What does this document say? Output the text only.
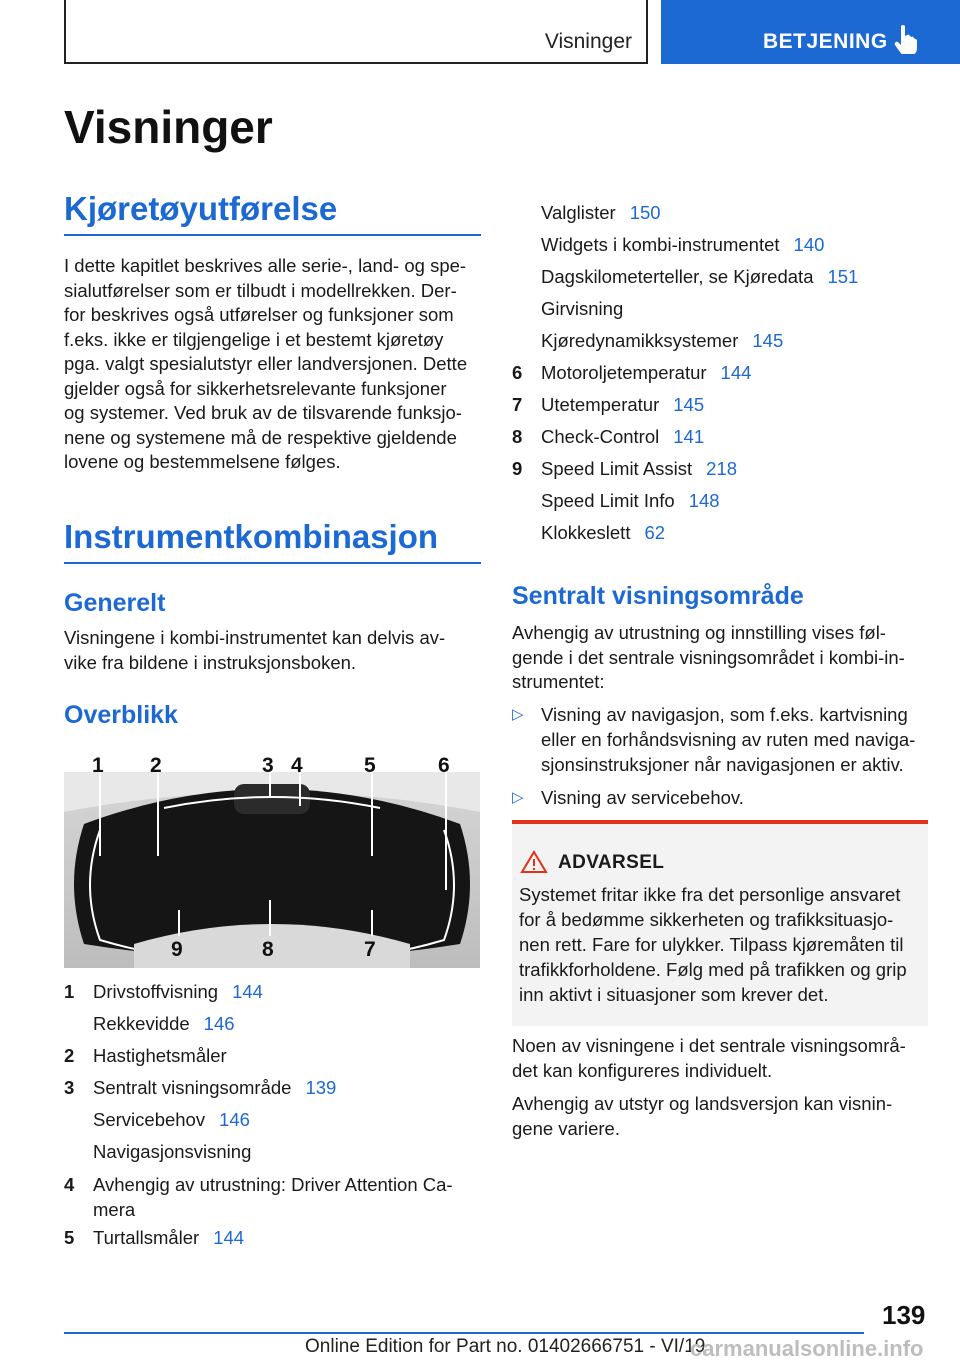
Visninger	BETJENING
Visninger
Kjøretøyutførelse
I dette kapitlet beskrives alle serie-, land- og spe-
sialutførelser som er tilbudt i modellrekken. Der-
for beskrives også utførelser og funksjoner som
f.eks. ikke er tilgjengelige i et bestemt kjøretøy
pga. valgt spesialutstyr eller landversjonen. Dette
gjelder også for sikkerhetsrelevante funksjoner
og systemer. Ved bruk av de tilsvarende funksjo-
nene og systemene må de respektive gjeldende
lovene og bestemmelsene følges.
Instrumentkombinasjon
Generelt
Visningene i kombi-instrumentet kan delvis av-
vike fra bildene i instruksjonsboken.
Overblikk
1 2	3 4	5	6
9	8	7
1 Drivstoffvisning 144
Rekkevidde 146
2 Hastighetsmåler
3 Sentralt visningsområde 139
Servicebehov 146
Navigasjonsvisning
4 Avhengig av utrustning: Driver Attention Ca-
mera
5 Turtallsmåler 144
Valglister 150
Widgets i kombi-instrumentet 140
Dagskilometerteller, se Kjøredata 151
Girvisning
Kjøredynamikksystemer 145
6 Motoroljetemperatur 144
7 Utetemperatur 145
8 Check-Control 141
9 Speed Limit Assist 218
Speed Limit Info 148
Klokkeslett 62
Sentralt visningsområde
Avhengig av utrustning og innstilling vises føl-
gende i det sentrale visningsområdet i kombi-in-
strumentet:
▷ Visning av navigasjon, som f.eks. kartvisning
eller en forhåndsvisning av ruten med naviga-
sjonsinstruksjoner når navigasjonen er aktiv.
▷ Visning av servicebehov.
ADVARSEL
Systemet fritar ikke fra det personlige ansvaret
for å bedømme sikkerheten og trafikksituasjo-
nen rett. Fare for ulykker. Tilpass kjøremåten til
trafikkforholdene. Følg med på trafikken og grip
inn aktivt i situasjoner som krever det.
Noen av visningene i det sentrale visningsområ-
det kan konfigureres individuelt.
Avhengig av utstyr og landsversjon kan visnin-
gene variere.
139
Online Edition for Part no. 01402666751 - VI/19
carmanualsonline.info
